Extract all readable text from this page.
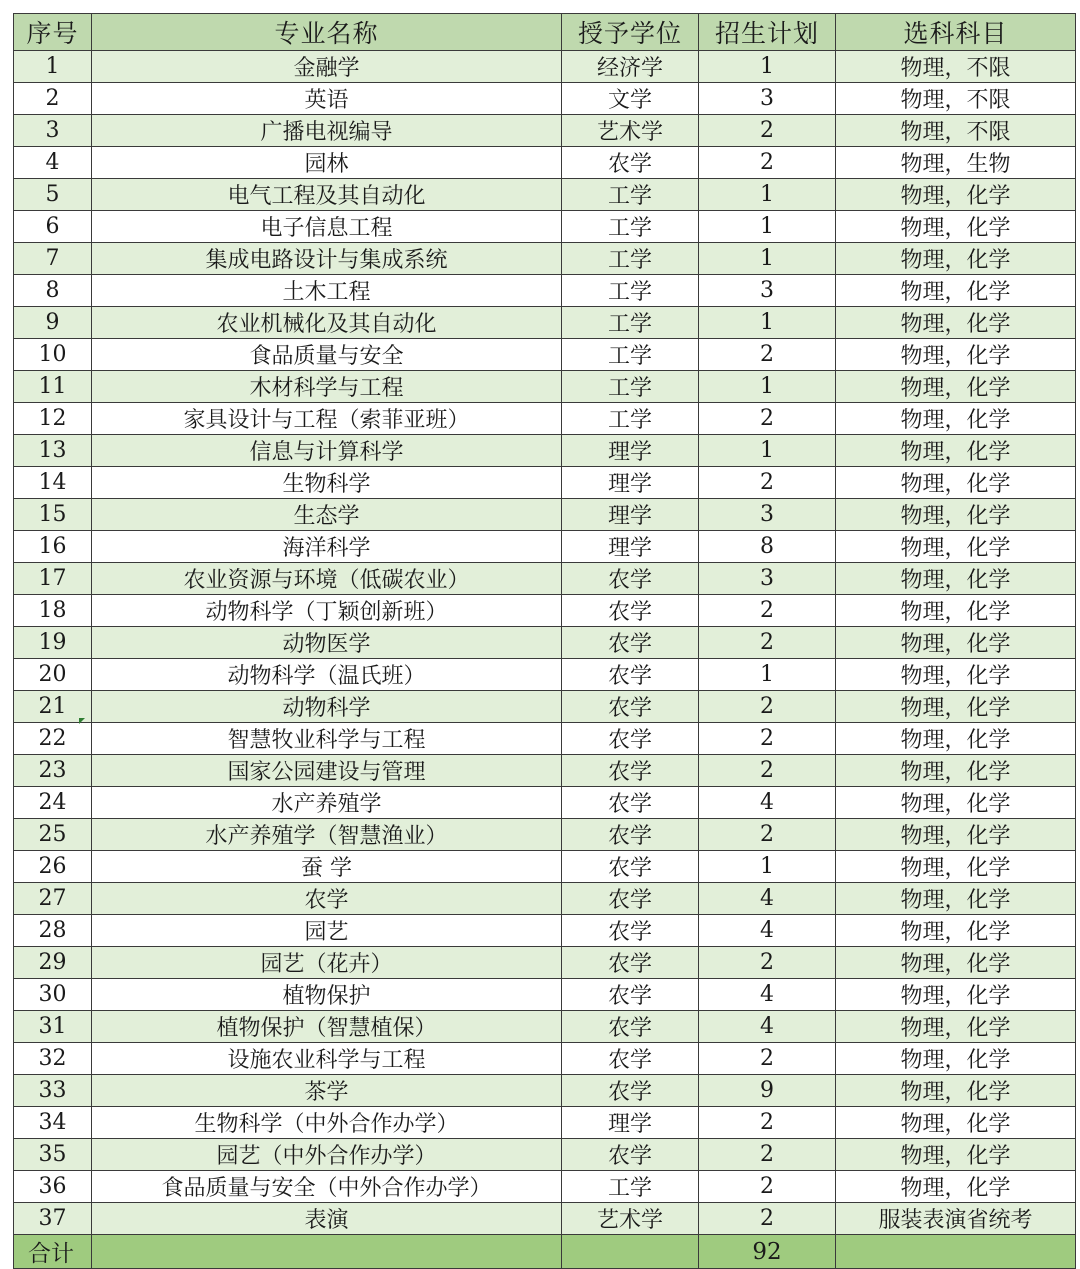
序号	专业名称	授予学位	招生计划	选科科目
1	金融学	经济学	1	物理，不限
2	英语	文学	3	物理，不限
3	广播电视编导	艺术学	2	物理，不限
4	园林	农学	2	物理，生物
5	电气工程及其自动化	工学	1	物理，化学
6	电子信息工程	工学	1	物理，化学
7	集成电路设计与集成系统	工学	1	物理，化学
8	土木工程	工学	3	物理，化学
9	农业机械化及其自动化	工学	1	物理，化学
10	食品质量与安全	工学	2	物理，化学
11	木材科学与工程	工学	1	物理，化学
12	家具设计与工程（索菲亚班）	工学	2	物理，化学
13	信息与计算科学	理学	1	物理，化学
14	生物科学	理学	2	物理，化学
15	生态学	理学	3	物理，化学
16	海洋科学	理学	8	物理，化学
17	农业资源与环境（低碳农业）	农学	3	物理，化学
18	动物科学（丁颖创新班）	农学	2	物理，化学
19	动物医学	农学	2	物理，化学
20	动物科学（温氏班）	农学	1	物理，化学
21	动物科学	农学	2	物理，化学
22	智慧牧业科学与工程	农学	2	物理，化学
23	国家公园建设与管理	农学	2	物理，化学
24	水产养殖学	农学	4	物理，化学
25	水产养殖学（智慧渔业）	农学	2	物理，化学
26	蚕 学	农学	1	物理，化学
27	农学	农学	4	物理，化学
28	园艺	农学	4	物理，化学
29	园艺（花卉）	农学	2	物理，化学
30	植物保护	农学	4	物理，化学
31	植物保护（智慧植保）	农学	4	物理，化学
32	设施农业科学与工程	农学	2	物理，化学
33	茶学	农学	9	物理，化学
34	生物科学（中外合作办学）	理学	2	物理，化学
35	园艺（中外合作办学）	农学	2	物理，化学
36	食品质量与安全（中外合作办学）	工学	2	物理，化学
37	表演	艺术学	2	服装表演省统考
合计			92	
